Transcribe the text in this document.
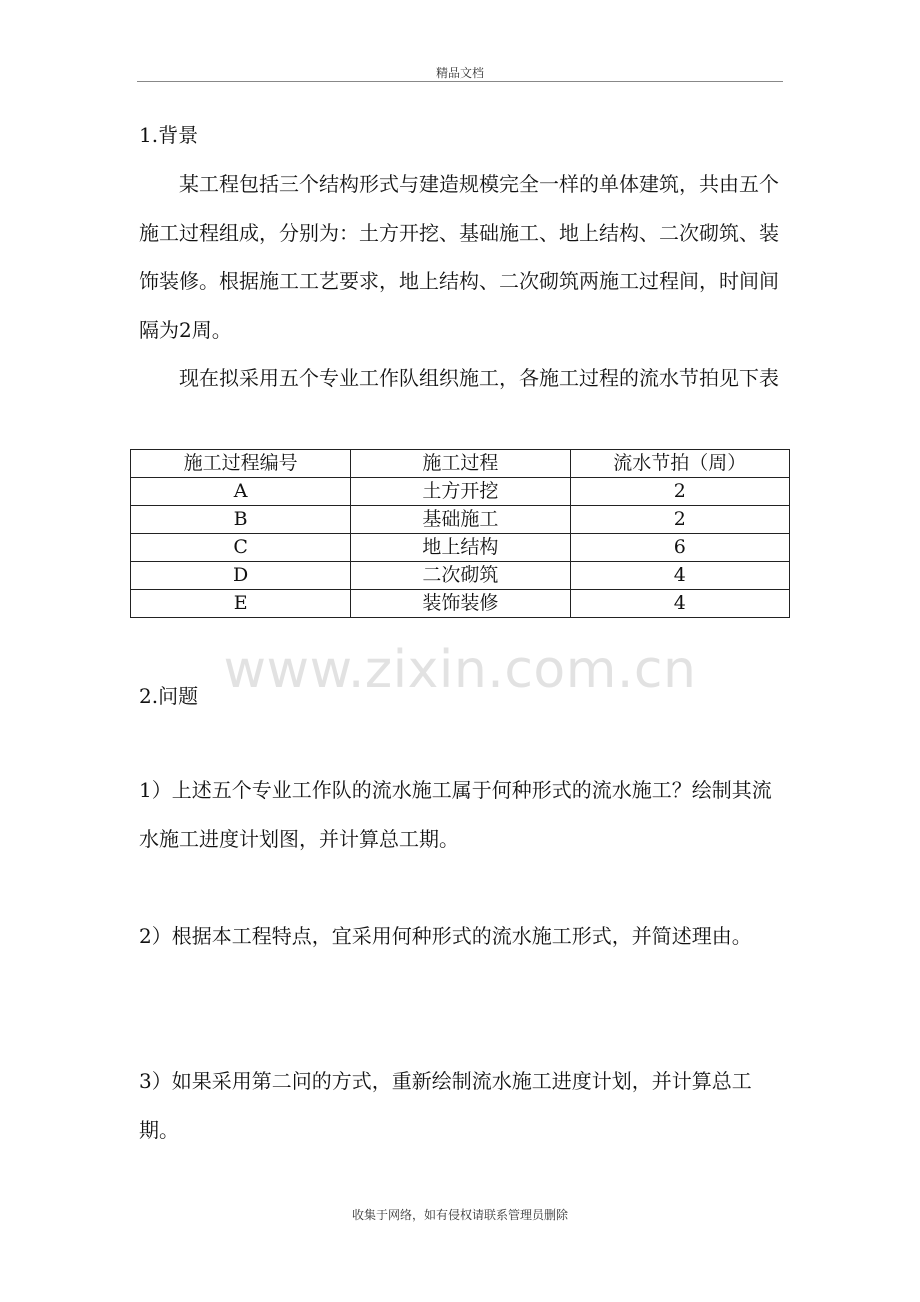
精品文档

1.背景

某工程包括三个结构形式与建造规模完全一样的单体建筑，共由五个施工过程组成，分别为：土方开挖、基础施工、地上结构、二次砌筑、装饰装修。根据施工工艺要求，地上结构、二次砌筑两施工过程间，时间间隔为2周。

现在拟采用五个专业工作队组织施工，各施工过程的流水节拍见下表

施工过程编号	施工过程	流水节拍（周）
A	土方开挖	2
B	基础施工	2
C	地上结构	6
D	二次砌筑	4
E	装饰装修	4
www.zixin.com.cn

2.问题

1）上述五个专业工作队的流水施工属于何种形式的流水施工？绘制其流水施工进度计划图，并计算总工期。

2）根据本工程特点，宜采用何种形式的流水施工形式，并简述理由。

3）如果采用第二问的方式，重新绘制流水施工进度计划，并计算总工期。

收集于网络，如有侵权请联系管理员删除
